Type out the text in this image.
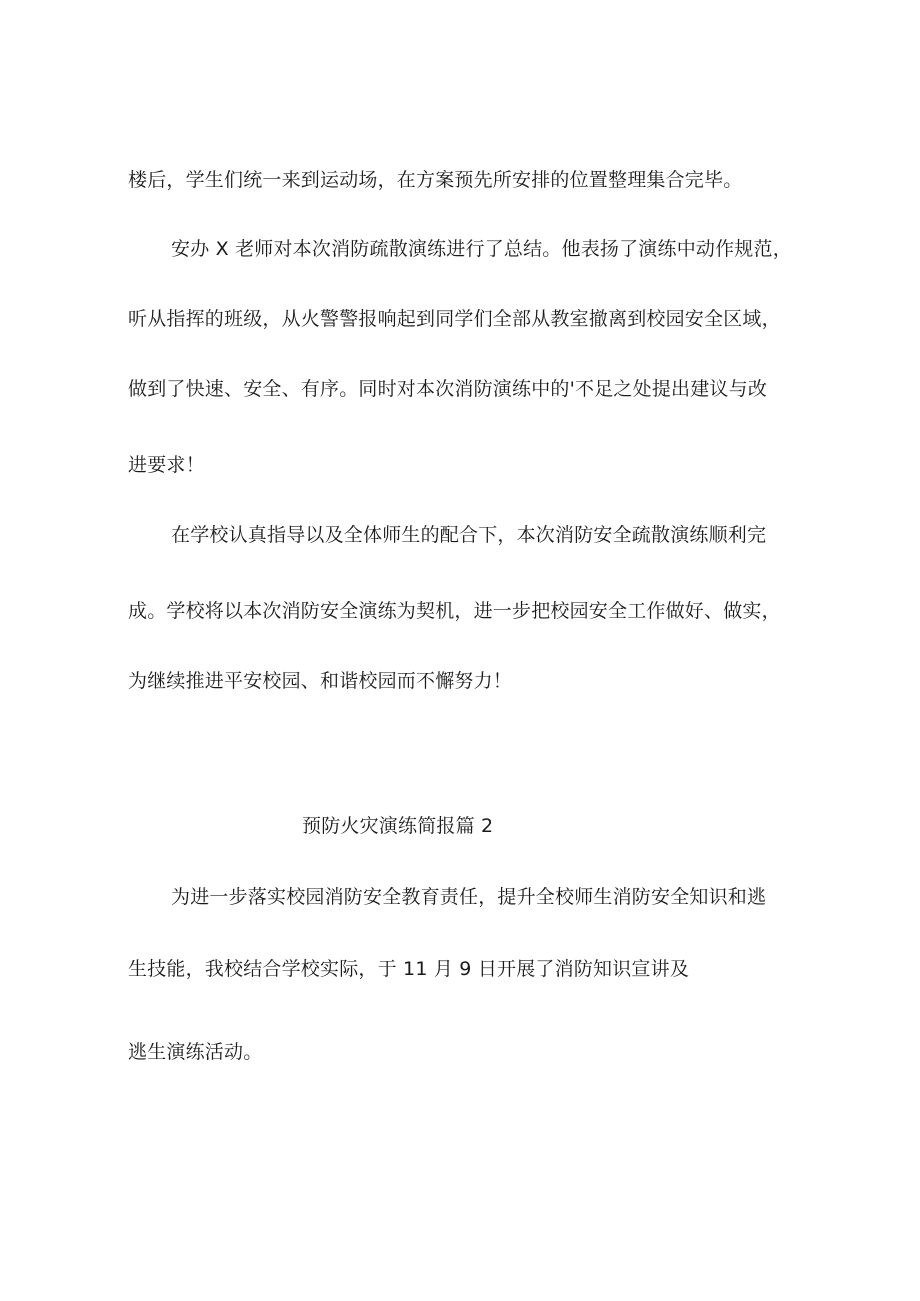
楼后，学生们统一来到运动场，在方案预先所安排的位置整理集合完毕。
安办 X 老师对本次消防疏散演练进行了总结。他表扬了演练中动作规范，
听从指挥的班级，从火警警报响起到同学们全部从教室撤离到校园安全区域，
做到了快速、安全、有序。同时对本次消防演练中的'不足之处提出建议与改
进要求！
在学校认真指导以及全体师生的配合下，本次消防安全疏散演练顺利完
成。学校将以本次消防安全演练为契机，进一步把校园安全工作做好、做实，
为继续推进平安校园、和谐校园而不懈努力！
预防火灾演练简报篇 2
为进一步落实校园消防安全教育责任，提升全校师生消防安全知识和逃
生技能，我校结合学校实际，于 11 月 9 日开展了消防知识宣讲及
逃生演练活动。
